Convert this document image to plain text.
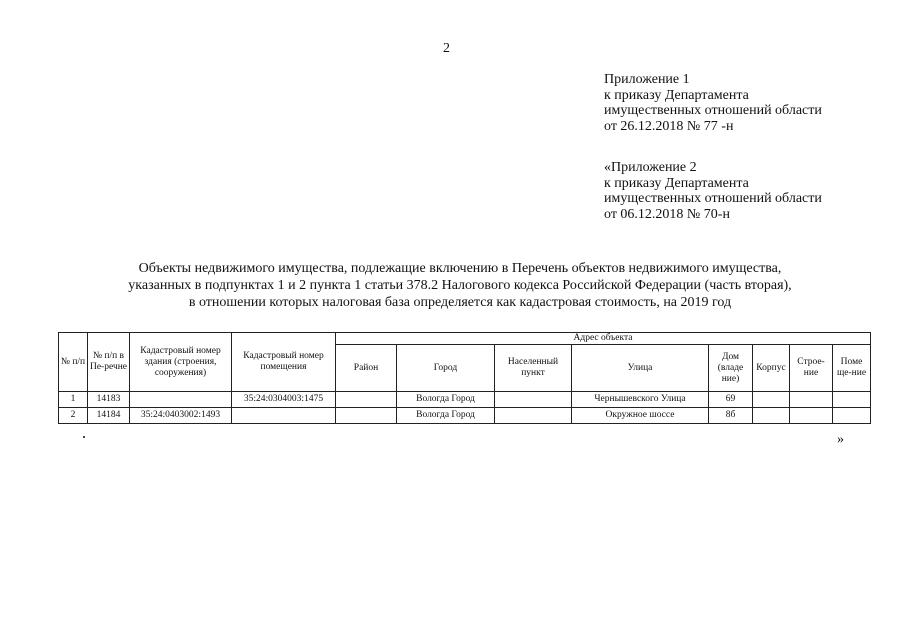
2
Приложение 1
к приказу Департамента
имущественных отношений области
от 26.12.2018 № 77 -н
«Приложение 2
к приказу Департамента
имущественных отношений области
от 06.12.2018 № 70-н
Объекты недвижимого имущества, подлежащие включению в Перечень объектов недвижимого имущества,
указанных в подпунктах 1 и 2 пункта 1 статьи 378.2 Налогового кодекса Российской Федерации (часть вторая),
в отношении которых налоговая база определяется как кадастровая стоимость, на 2019 год
№ п/п	№ п/п в Пе-речне	Кадастровый номер здания (строения, сооружения)	Кадастровый номер помещения	Адрес объекта							
				Район	Город	Населенный пункт	Улица	Дом (владе ние)	Корпус	Строе-ние	Поме ще-ние
1	14183		35:24:0304003:1475		Вологда Город		Чернышевского Улица	69			
2	14184	35:24:0403002:1493			Вологда Город		Окружное шоссе	8б			
»
